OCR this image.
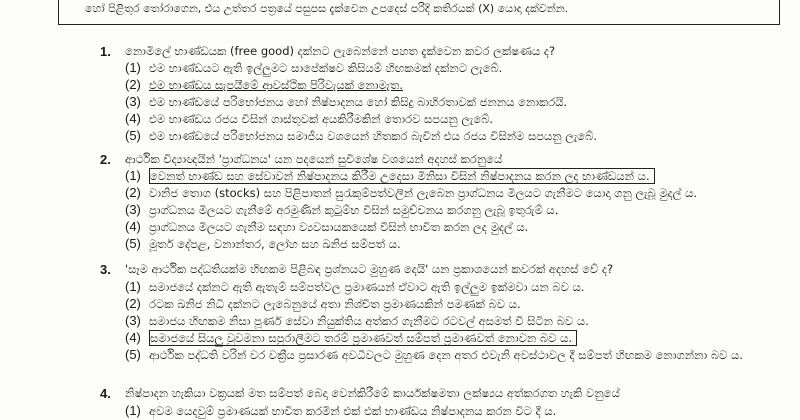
හෝ පිළිතුර තෝරාගෙන, එය උත්තර පත්‍රයේ පසුපස දැක්වෙන උපදෙස් පරිදි කතිරයක් (X) යොදා දක්වන්න.
1. නොමිලේ භාණ්ඩයක (free good) දක්නට ලැබෙන්නේ පහත දැක්වෙන කවර ලක්ෂණය ද?
(1) එම භාණ්ඩයට ඇති ඉල්ලුමට සාපේක්ෂව කිසියම් හිඟකමක් දක්නට ලැබේ.
(2) එම භාණ්ඩය සැපයීමේ ආවස්ථික පිරිවැයක් නොමැත.
(3) එම භාණ්ඩයේ පරිභෝජනය හෝ නිෂ්පාදනය හෝ කිසිදු බාහිරතාවක් ජනනය නොකරයි.
(4) එම භාණ්ඩය රජය විසින් ගාස්තුවක් අයකිරීමකින් තොරව සපයනු ලැබේ.
(5) එම භාණ්ඩයේ පරිභෝජනය සමාජීය වශයෙන් හිතකර බැවින් එය රජය විසින්ම සපයනු ලැබේ.
2. ආර්ථික විද්‍යාඥයින් 'ප්‍රාග්ධනය' යන පදයෙන් සුවිශේෂ වශයෙන් අදහස් කරනුයේ
(1) වෙනත් භාණ්ඩ සහ සේවාවන් නිෂ්පාදනය කිරීම උදෙසා මිනිසා විසින් නිෂ්පාදනය කරන ලද භාණ්ඩයන් ය.
(2) වානිජ තොග (stocks) සහ පිළිපාතන් සුරැකුම්පත්වලින් ලැබෙන ප්‍රාග්ධනය මිලයට ගැනීමට යොදා ගනු ලැබූ මුදල් ය.
(3) ප්‍රාග්ධනය මිලයට ගැනීමේ අරමුණින් කුටුම්භ විසින් සමුච්චනය කරගනු ලැබූ ඉතුරුම් ය.
(4) ප්‍රාග්ධනය මිලයට ගැනීම සඳහා ව්‍යවසායකයෙක් විසින් භාවිත කරන ලද මුදල් ය.
(5) මූර්ත දේපළ, වනාන්තර, ලෝහ සහ ඛනිජ සම්පත් ය.
3. 'සෑම ආර්ථික පද්ධතියක්ම හිඟකම පිළිබඳ ප්‍රශ්නයට මුහුණ දෙයි' යන ප්‍රකාශයෙන් කවරක් අදහස් වේ ද?
(1) සමාජයේ දක්නට ඇති ඇතැම් සම්පත්වල ප්‍රමාණයන් ඒවාට ඇති ඉල්ලුම ඉක්මවා යන බව ය.
(2) රටක ඛනිජ නිධි දක්නට ලැබෙනුයේ අතා නිශ්චිත ප්‍රමාණයකින් පමණක් බව ය.
(3) සමාජය හිඟකම නිසා පූර්ණ සේවා නියුක්තිය අත්කර ගැනීමට රටවල් අසමත් වී සිටින බව ය.
(4) සමාජයේ සියලු වුවමනා සපුරාලීමට තරම් ප්‍රමාණවත් සම්පත් ප්‍රමාණවත් නොවන බව ය.
(5) ආර්ථික පද්ධති වරින් වර වක්‍රීය ප්‍රසාරණ අවධීවලට මුහුණ දෙන අතර එවැනි අවස්ථාවල දී සම්පත් හිඟකම නොගන්නා බව ය.
4. නිෂ්පාදන හැකියා වක්‍රයක් මත සම්පත් බෙදා වෙන්කිරීමේ කාර්යක්ෂමතා ලක්ෂ්‍යය අත්කරගත හැකි වනුයේ
(1) අවම යෙදවුම් ප්‍රමාණයක් භාවිත කරමින් එක් එක් භාණ්ඩය නිෂ්පාදනය කරන විට දී ය.
